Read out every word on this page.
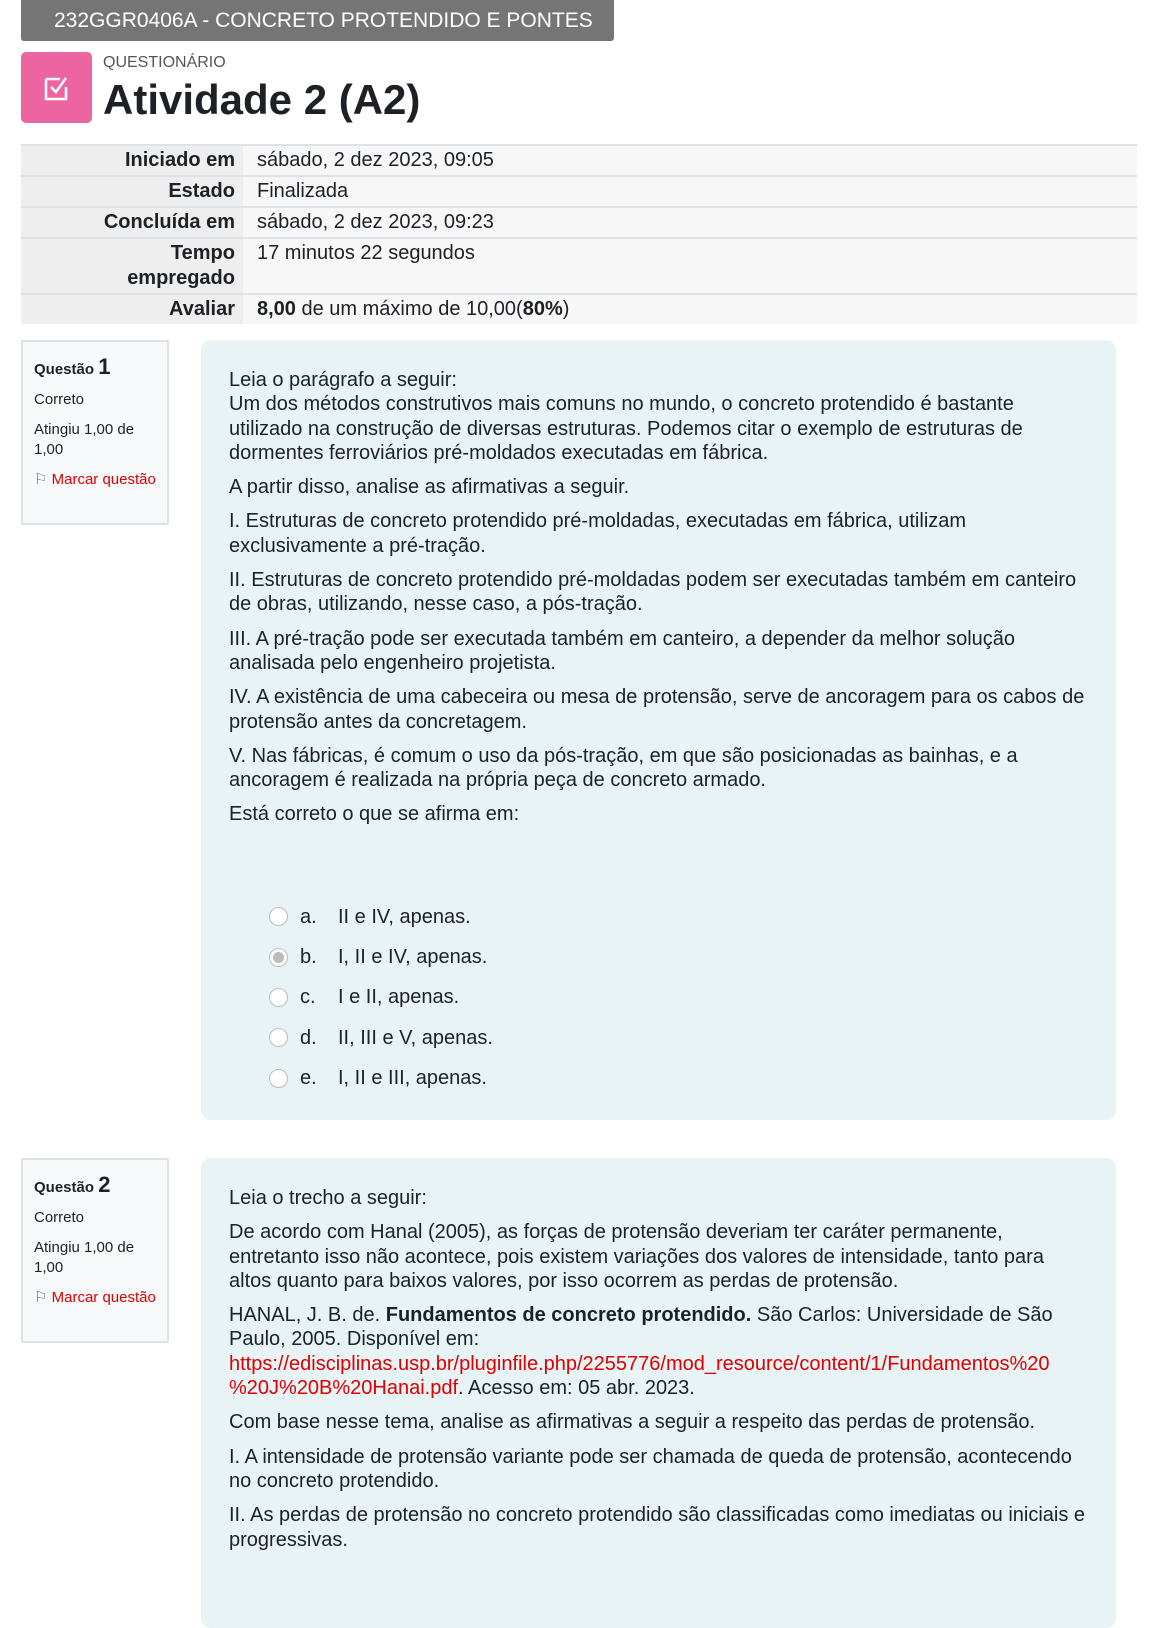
232GGR0406A - CONCRETO PROTENDIDO E PONTES
QUESTIONÁRIO
Atividade 2 (A2)
Iniciado em	sábado, 2 dez 2023, 09:05
Estado	Finalizada
Concluída em	sábado, 2 dez 2023, 09:23
Tempo empregado	17 minutos 22 segundos
Avaliar	8,00 de um máximo de 10,00(80%)
Questão 1

Correto

Atingiu 1,00 de 1,00

⚐ Marcar questão
Leia o parágrafo a seguir:
Um dos métodos construtivos mais comuns no mundo, o concreto protendido é bastante utilizado na construção de diversas estruturas. Podemos citar o exemplo de estruturas de dormentes ferroviários pré-moldados executadas em fábrica.

A partir disso, analise as afirmativas a seguir.

I. Estruturas de concreto protendido pré-moldadas, executadas em fábrica, utilizam exclusivamente a pré-tração.

II. Estruturas de concreto protendido pré-moldadas podem ser executadas também em canteiro de obras, utilizando, nesse caso, a pós-tração.

III. A pré-tração pode ser executada também em canteiro, a depender da melhor solução analisada pelo engenheiro projetista.

IV. A existência de uma cabeceira ou mesa de protensão, serve de ancoragem para os cabos de protensão antes da concretagem.

V. Nas fábricas, é comum o uso da pós-tração, em que são posicionadas as bainhas, e a ancoragem é realizada na própria peça de concreto armado.

Está correto o que se afirma em:

a.	II e IV, apenas.
b.	I, II e IV, apenas.
c.	I e II, apenas.
d.	II, III e V, apenas.
e.	I, II e III, apenas.
Questão 2

Correto

Atingiu 1,00 de 1,00

⚐ Marcar questão

Leia o trecho a seguir:

De acordo com Hanal (2005), as forças de protensão deveriam ter caráter permanente, entretanto isso não acontece, pois existem variações dos valores de intensidade, tanto para altos quanto para baixos valores, por isso ocorrem as perdas de protensão.

HANAL, J. B. de. Fundamentos de concreto protendido. São Carlos: Universidade de São Paulo, 2005. Disponível em: https://edisciplinas.usp.br/pluginfile.php/2255776/mod_resource/content/1/Fundamentos%20
%20J%20B%20Hanai.pdf. Acesso em: 05 abr. 2023.

Com base nesse tema, analise as afirmativas a seguir a respeito das perdas de protensão.

I. A intensidade de protensão variante pode ser chamada de queda de protensão, acontecendo no concreto protendido.

II. As perdas de protensão no concreto protendido são classificadas como imediatas ou iniciais e progressivas.
